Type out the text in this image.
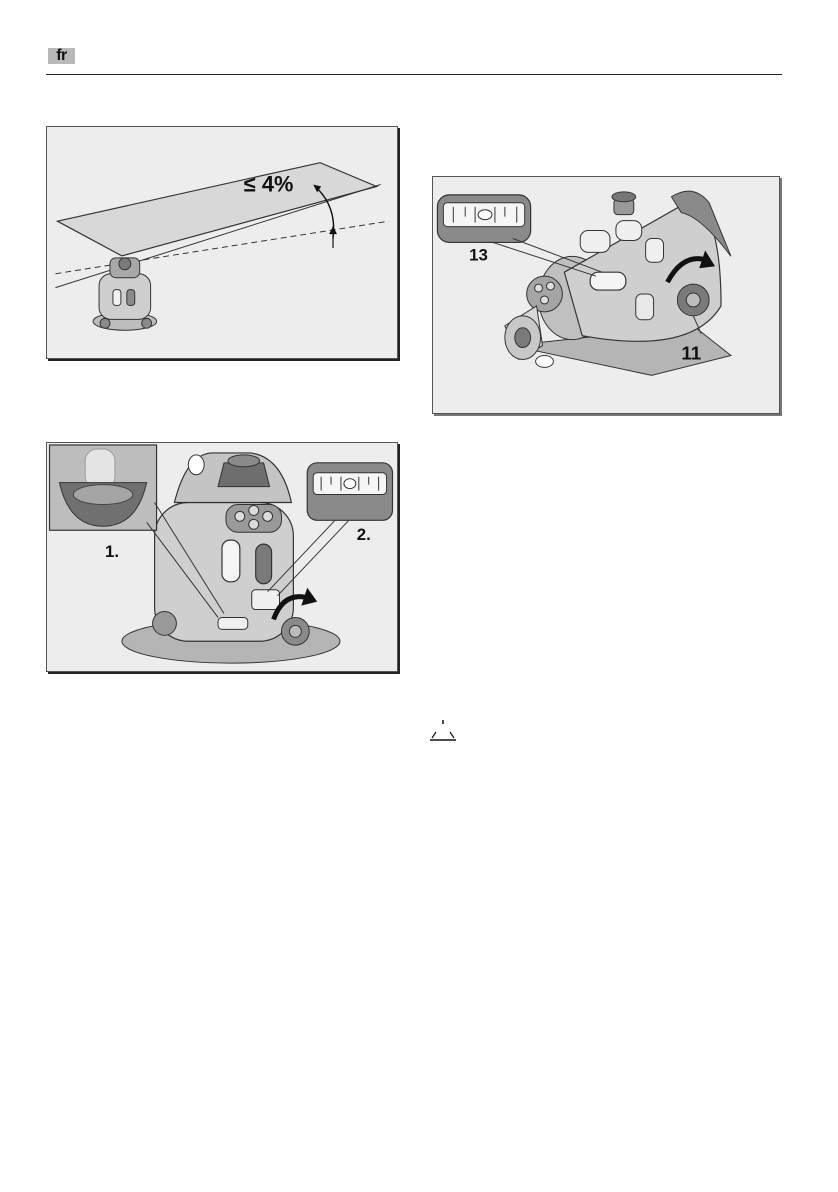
fr
≤ 4%
1.
2.
13
11
